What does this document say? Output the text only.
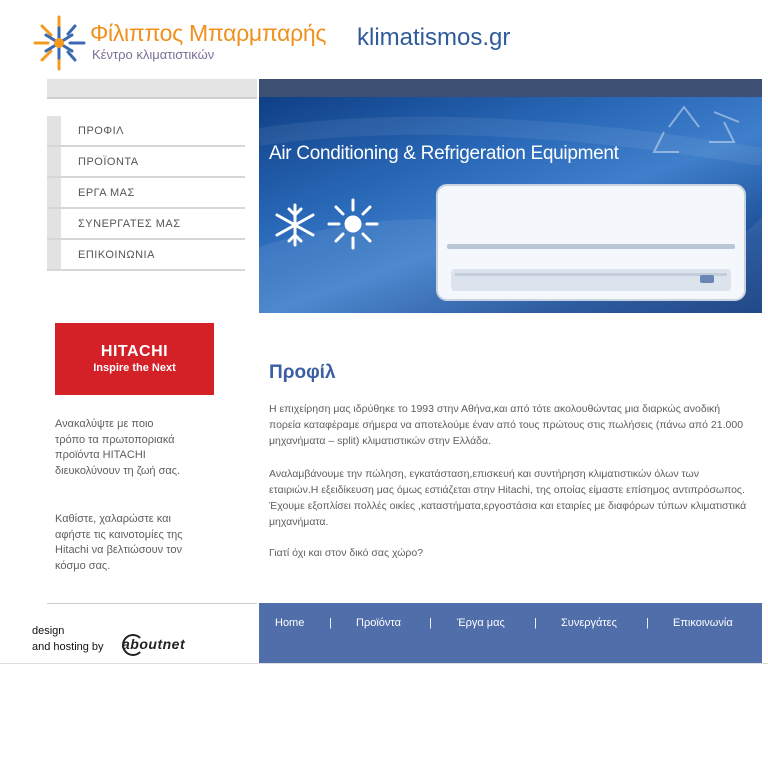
Φίλιππος Μπαρμπαρής
Κέντρο κλιματιστικών
klimatismos.gr
ΠΡΟΦΙΛ
ΠΡΟΪΟΝΤΑ
ΕΡΓΑ ΜΑΣ
ΣΥΝΕΡΓΑΤΕΣ ΜΑΣ
ΕΠΙΚΟΙΝΩΝΙΑ
Air Conditioning & Refrigeration Equipment
HITACHI
Inspire the Next

Ανακαλύψτε με ποιο τρόπο τα πρωτοποριακά προϊόντα HITACHI διευκολύνουν τη ζωή σας.

Καθίστε, χαλαρώστε και αφήστε τις καινοτομίες της Hitachi να βελτιώσουν τον κόσμο σας.

Προφίλ

Η επιχείρηση μας ιδρύθηκε το 1993 στην Αθήνα,και από τότε ακολουθώντας μια διαρκώς ανοδική πορεία καταφέραμε σήμερα να αποτελούμε έναν από τους πρώτους στις πωλήσεις (πάνω από 21.000 μηχανήματα – split) κλιματιστικών στην Ελλάδα.

Αναλαμβάνουμε την πώληση, εγκατάσταση,επισκευή και συντήρηση κλιματιστικών όλων των εταιριών.Η εξειδίκευση μας όμως εστιάζεται στην Hitachi, της οποίας είμαστε επίσημος αντιπρόσωπος. Έχουμε εξοπλίσει πολλές οικίες ,καταστήματα,εργοστάσια και εταιρίες με διαφόρων τύπων κλιματιστικά μηχανήματα.

Γιατί όχι και στον δικό σας χώρο?

design
and hosting by aboutnet
Home | Προϊόντα	| Έργα μας	| Συνεργάτες	| Επικοινωνία
